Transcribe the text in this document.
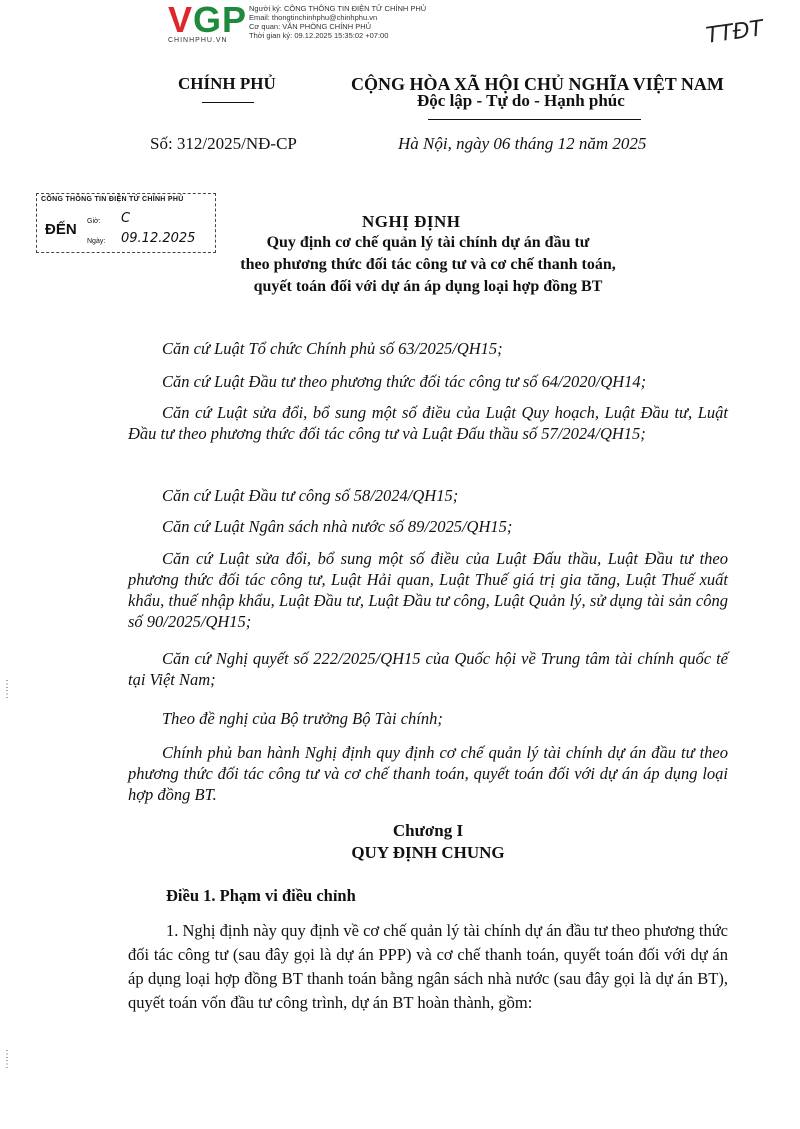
VGP
CHINHPHU.VN
Người ký: CÔNG THÔNG TIN ĐIỆN TỬ CHÍNH PHỦ
Email: thongtinchinhphu@chinhphu.vn
Cơ quan: VĂN PHÒNG CHÍNH PHỦ
Thời gian ký: 09.12.2025 15:35:02 +07:00	TTĐT
CHÍNH PHỦ	CỘNG HÒA XÃ HỘI CHỦ NGHĨA VIỆT NAM
Độc lập - Tự do - Hạnh phúc
Số: 312/2025/NĐ-CP	Hà Nội, ngày 06 tháng 12 năm 2025
CỔNG THÔNG TIN ĐIỆN TỬ CHÍNH PHỦ
ĐẾN Giờ: C
Ngày: 09.12.2025
NGHỊ ĐỊNH
Quy định cơ chế quản lý tài chính dự án đầu tư
theo phương thức đối tác công tư và cơ chế thanh toán,
quyết toán đối với dự án áp dụng loại hợp đồng BT

Căn cứ Luật Tổ chức Chính phủ số 63/2025/QH15;

Căn cứ Luật Đầu tư theo phương thức đối tác công tư số 64/2020/QH14;

Căn cứ Luật sửa đổi, bổ sung một số điều của Luật Quy hoạch, Luật Đầu tư, Luật Đầu tư theo phương thức đối tác công tư và Luật Đấu thầu số 57/2024/QH15;

Căn cứ Luật Đầu tư công số 58/2024/QH15;

Căn cứ Luật Ngân sách nhà nước số 89/2025/QH15;

Căn cứ Luật sửa đổi, bổ sung một số điều của Luật Đấu thầu, Luật Đầu tư theo phương thức đối tác công tư, Luật Hải quan, Luật Thuế giá trị gia tăng, Luật Thuế xuất khẩu, thuế nhập khẩu, Luật Đầu tư, Luật Đầu tư công, Luật Quản lý, sử dụng tài sản công số 90/2025/QH15;

Căn cứ Nghị quyết số 222/2025/QH15 của Quốc hội về Trung tâm tài chính quốc tế tại Việt Nam;

Theo đề nghị của Bộ trưởng Bộ Tài chính;

Chính phủ ban hành Nghị định quy định cơ chế quản lý tài chính dự án đầu tư theo phương thức đối tác công tư và cơ chế thanh toán, quyết toán đối với dự án áp dụng loại hợp đồng BT.

Chương I
QUY ĐỊNH CHUNG
Điều 1. Phạm vi điều chỉnh
1. Nghị định này quy định về cơ chế quản lý tài chính dự án đầu tư theo phương thức đối tác công tư (sau đây gọi là dự án PPP) và cơ chế thanh toán, quyết toán đối với dự án áp dụng loại hợp đồng BT thanh toán bằng ngân sách nhà nước (sau đây gọi là dự án BT), quyết toán vốn đầu tư công trình, dự án BT hoàn thành, gồm:
⋮
⋮
⋮
⋮
